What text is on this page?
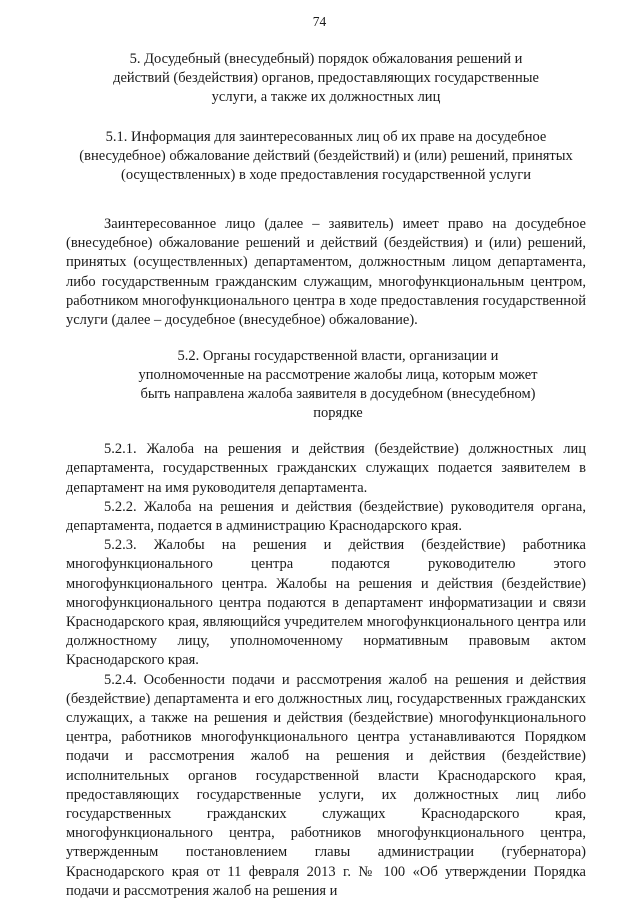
74
5. Досудебный (внесудебный) порядок обжалования решений и действий (бездействия) органов, предоставляющих государственные услуги, а также их должностных лиц
5.1. Информация для заинтересованных лиц об их праве на досудебное (внесудебное) обжалование действий (бездействий) и (или) решений, принятых (осуществленных) в ходе предоставления государственной услуги

Заинтересованное лицо (далее – заявитель) имеет право на досудебное (внесудебное) обжалование решений и действий (бездействия) и (или) решений, принятых (осуществленных) департаментом, должностным лицом департамента, либо государственным гражданским служащим, многофункциональным центром, работником многофункционального центра в ходе предоставления государственной услуги (далее – досудебное (внесудебное) обжалование).

5.2. Органы государственной власти, организации и уполномоченные на рассмотрение жалобы лица, которым может быть направлена жалоба заявителя в досудебном (внесудебном) порядке

5.2.1. Жалоба на решения и действия (бездействие) должностных лиц департамента, государственных гражданских служащих подается заявителем в департамент на имя руководителя департамента.

5.2.2. Жалоба на решения и действия (бездействие) руководителя органа, департамента, подается в администрацию Краснодарского края.

5.2.3. Жалобы на решения и действия (бездействие) работника многофункционального центра подаются руководителю этого многофункционального центра. Жалобы на решения и действия (бездействие) многофункционального центра подаются в департамент информатизации и связи Краснодарского края, являющийся учредителем многофункционального центра или должностному лицу, уполномоченному нормативным правовым актом Краснодарского края.

5.2.4. Особенности подачи и рассмотрения жалоб на решения и действия (бездействие) департамента и его должностных лиц, государственных гражданских служащих, а также на решения и действия (бездействие) многофункционального центра, работников многофункционального центра устанавливаются Порядком подачи и рассмотрения жалоб на решения и действия (бездействие) исполнительных органов государственной власти Краснодарского края, предоставляющих государственные услуги, их должностных лиц либо государственных гражданских служащих Краснодарского края, многофункционального центра, работников многофункционального центра, утвержденным постановлением главы администрации (губернатора) Краснодарского края от 11 февраля 2013 г. № 100 «Об утверждении Порядка подачи и рассмотрения жалоб на решения и
